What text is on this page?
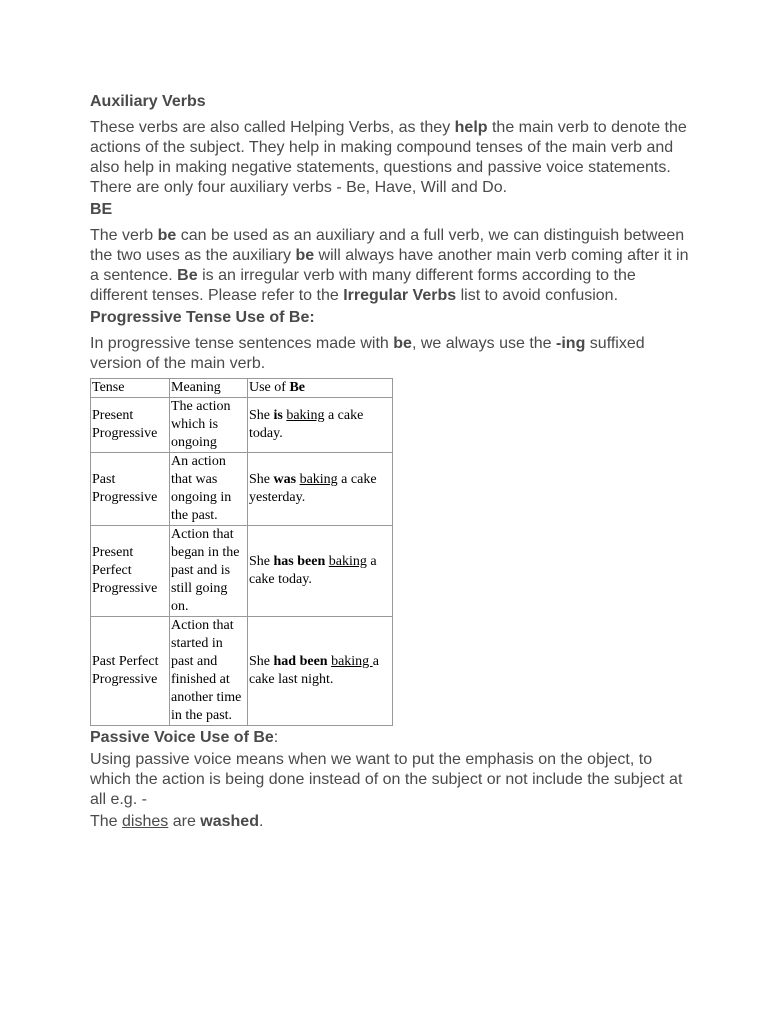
Auxiliary Verbs

These verbs are also called Helping Verbs, as they help the main verb to denote the actions of the subject. They help in making compound tenses of the main verb and also help in making negative statements, questions and passive voice statements. There are only four auxiliary verbs - Be, Have, Will and Do.

BE

The verb be can be used as an auxiliary and a full verb, we can distinguish between the two uses as the auxiliary be will always have another main verb coming after it in a sentence. Be is an irregular verb with many different forms according to the different tenses. Please refer to the Irregular Verbs list to avoid confusion.

Progressive Tense Use of Be:

In progressive tense sentences made with be, we always use the -ing suffixed version of the main verb.

Tense	Meaning	Use of Be
Present Progressive	The action which is ongoing	She is baking a cake today.
Past Progressive	An action that was ongoing in the past.	She was baking a cake yesterday.
Present Perfect Progressive	Action that began in the past and is still going on.	She has been baking a cake today.
Past Perfect Progressive	Action that started in past and finished at another time in the past.	She had been baking a cake last night.
Passive Voice Use of Be:

Using passive voice means when we want to put the emphasis on the object, to which the action is being done instead of on the subject or not include the subject at all e.g. -

The dishes are washed.
